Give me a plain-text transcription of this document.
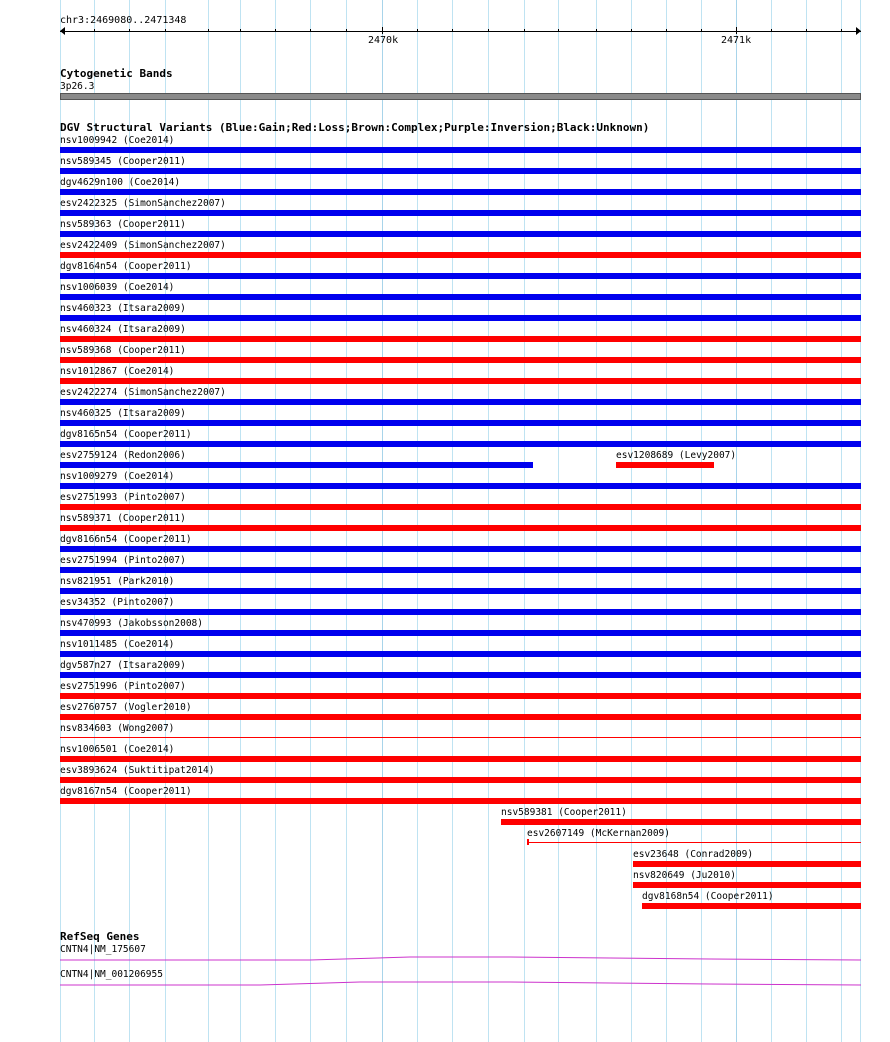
chr3:2469080..2471348
2470k	2471k
Cytogenetic Bands
3p26.3
DGV Structural Variants (Blue:Gain;Red:Loss;Brown:Complex;Purple:Inversion;Black:Unknown)
nsv1009942 (Coe2014)
nsv589345 (Cooper2011)
dgv4629n100 (Coe2014)
esv2422325 (SimonSanchez2007)
nsv589363 (Cooper2011)
esv2422409 (SimonSanchez2007)
dgv8164n54 (Cooper2011)
nsv1006039 (Coe2014)
nsv460323 (Itsara2009)
nsv460324 (Itsara2009)
nsv589368 (Cooper2011)
nsv1012867 (Coe2014)
esv2422274 (SimonSanchez2007)
nsv460325 (Itsara2009)
dgv8165n54 (Cooper2011)
esv2759124 (Redon2006)	esv1208689 (Levy2007)
nsv1009279 (Coe2014)
esv2751993 (Pinto2007)
nsv589371 (Cooper2011)
dgv8166n54 (Cooper2011)
esv2751994 (Pinto2007)
nsv821951 (Park2010)
esv34352 (Pinto2007)
nsv470993 (Jakobsson2008)
nsv1011485 (Coe2014)
dgv587n27 (Itsara2009)
esv2751996 (Pinto2007)
esv2760757 (Vogler2010)
nsv834603 (Wong2007)
nsv1006501 (Coe2014)
esv3893624 (Suktitipat2014)
dgv8167n54 (Cooper2011)
nsv589381 (Cooper2011)
esv2607149 (McKernan2009)
esv23648 (Conrad2009)
nsv820649 (Ju2010)
dgv8168n54 (Cooper2011)
RefSeq Genes
CNTN4|NM_175607
CNTN4|NM_001206955
